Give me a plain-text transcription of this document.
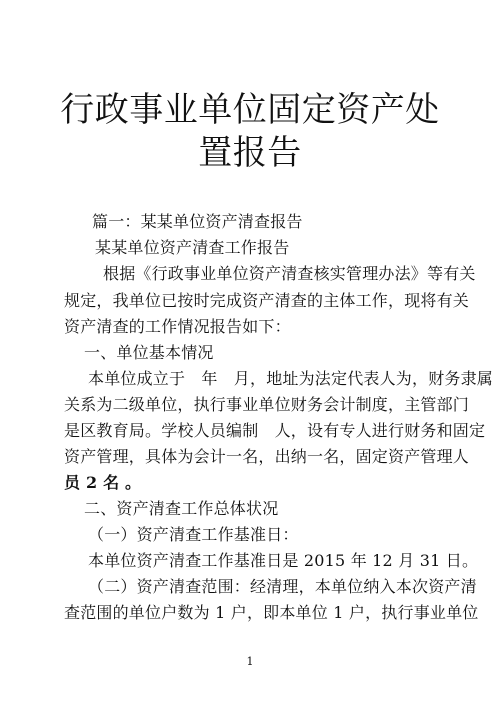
行政事业单位固定资产处
置报告
篇一：某某单位资产清查报告
某某单位资产清查工作报告
根据《行政事业单位资产清查核实管理办法》等有关
规定，我单位已按时完成资产清查的主体工作，现将有关
资产清查的工作情况报告如下：
一、单位基本情况
本单位成立于　年　月，地址为法定代表人为，财务隶属
关系为二级单位，执行事业单位财务会计制度，主管部门
是区教育局。学校人员编制　人，设有专人进行财务和固定
资产管理，具体为会计一名，出纳一名，固定资产管理人
员 2 名 。
二、资产清查工作总体状况
（一）资产清查工作基准日：
本单位资产清查工作基准日是 2015 年 12 月 31 日。
（二）资产清查范围：经清理，本单位纳入本次资产清
查范围的单位户数为 1 户，即本单位 1 户，执行事业单位
1
